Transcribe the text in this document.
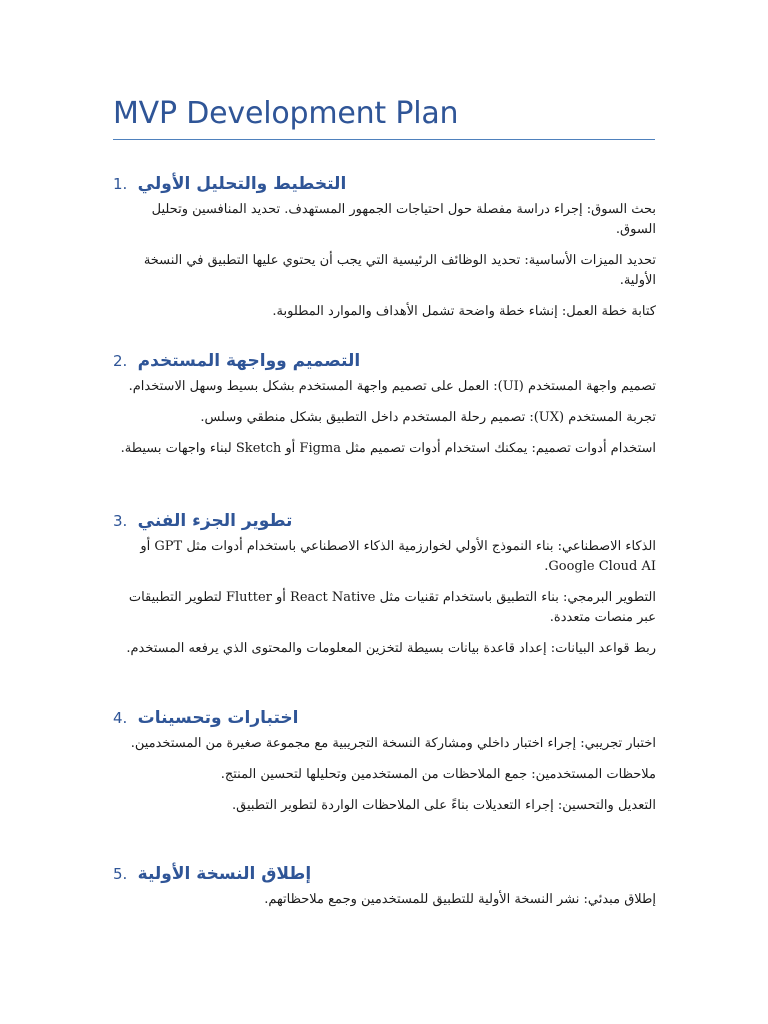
MVP Development Plan
1. التخطيط والتحليل الأولي

بحث السوق: إجراء دراسة مفصلة حول احتياجات الجمهور المستهدف. تحديد المنافسين وتحليل السوق.

تحديد الميزات الأساسية: تحديد الوظائف الرئيسية التي يجب أن يحتوي عليها التطبيق في النسخة الأولية.

كتابة خطة العمل: إنشاء خطة واضحة تشمل الأهداف والموارد المطلوبة.

2. التصميم وواجهة المستخدم

تصميم واجهة المستخدم (UI): العمل على تصميم واجهة المستخدم بشكل بسيط وسهل الاستخدام.

تجربة المستخدم (UX): تصميم رحلة المستخدم داخل التطبيق بشكل منطقي وسلس.

استخدام أدوات تصميم: يمكنك استخدام أدوات تصميم مثل Figma أو Sketch لبناء واجهات بسيطة.

3. تطوير الجزء الفني

الذكاء الاصطناعي: بناء النموذج الأولي لخوارزمية الذكاء الاصطناعي باستخدام أدوات مثل GPT أو Google Cloud AI.

التطوير البرمجي: بناء التطبيق باستخدام تقنيات مثل React Native أو Flutter لتطوير التطبيقات عبر منصات متعددة.

ربط قواعد البيانات: إعداد قاعدة بيانات بسيطة لتخزين المعلومات والمحتوى الذي يرفعه المستخدم.

4. اختبارات وتحسينات

اختبار تجريبي: إجراء اختبار داخلي ومشاركة النسخة التجريبية مع مجموعة صغيرة من المستخدمين.

ملاحظات المستخدمين: جمع الملاحظات من المستخدمين وتحليلها لتحسين المنتج.

التعديل والتحسين: إجراء التعديلات بناءً على الملاحظات الواردة لتطوير التطبيق.

5. إطلاق النسخة الأولية

إطلاق مبدئي: نشر النسخة الأولية للتطبيق للمستخدمين وجمع ملاحظاتهم.
